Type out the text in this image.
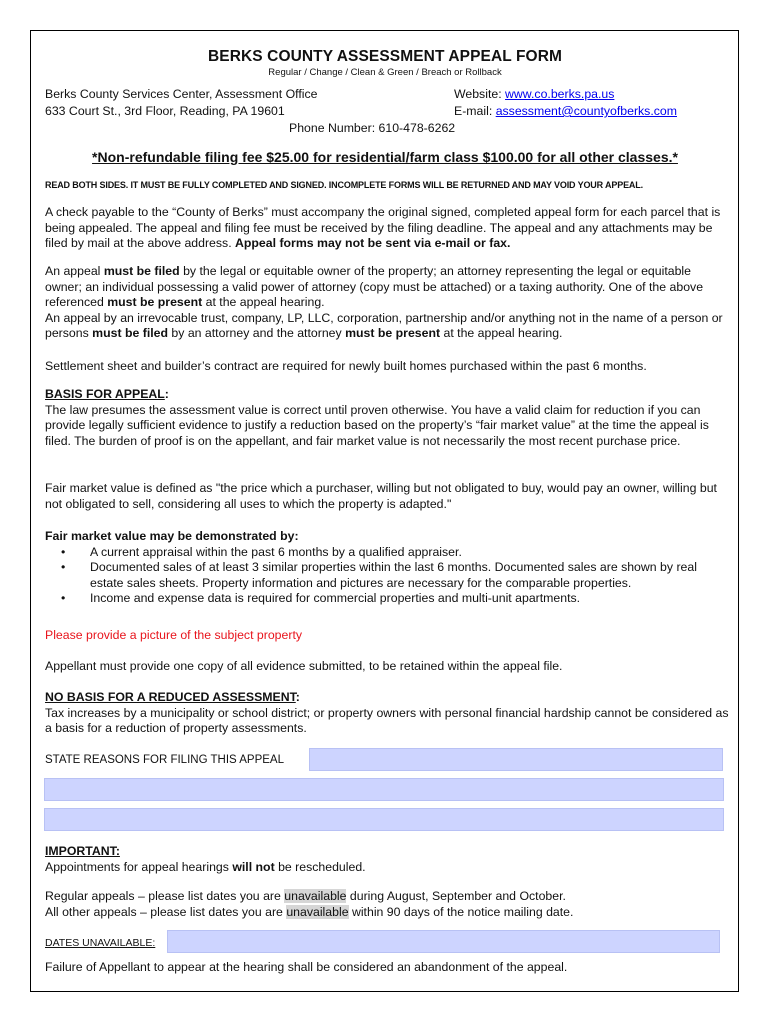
BERKS COUNTY ASSESSMENT APPEAL FORM
Regular / Change / Clean & Green / Breach or Rollback
Berks County Services Center, Assessment Office
633 Court St., 3rd Floor, Reading, PA 19601
Website: www.co.berks.pa.us
E-mail: assessment@countyofberks.com
Phone Number: 610-478-6262
*Non-refundable filing fee $25.00 for residential/farm class $100.00 for all other classes.*
READ BOTH SIDES. IT MUST BE FULLY COMPLETED AND SIGNED. INCOMPLETE FORMS WILL BE RETURNED AND MAY VOID YOUR APPEAL.
A check payable to the “County of Berks” must accompany the original signed, completed appeal form for each parcel that is being appealed. The appeal and filing fee must be received by the filing deadline. The appeal and any attachments may be filed by mail at the above address. Appeal forms may not be sent via e-mail or fax.
An appeal must be filed by the legal or equitable owner of the property; an attorney representing the legal or equitable owner; an individual possessing a valid power of attorney (copy must be attached) or a taxing authority. One of the above referenced must be present at the appeal hearing.
An appeal by an irrevocable trust, company, LP, LLC, corporation, partnership and/or anything not in the name of a person or persons must be filed by an attorney and the attorney must be present at the appeal hearing.
Settlement sheet and builder’s contract are required for newly built homes purchased within the past 6 months.
BASIS FOR APPEAL:
The law presumes the assessment value is correct until proven otherwise. You have a valid claim for reduction if you can provide legally sufficient evidence to justify a reduction based on the property’s “fair market value” at the time the appeal is filed. The burden of proof is on the appellant, and fair market value is not necessarily the most recent purchase price.
Fair market value is defined as "the price which a purchaser, willing but not obligated to buy, would pay an owner, willing but not obligated to sell, considering all uses to which the property is adapted."
Fair market value may be demonstrated by:
• A current appraisal within the past 6 months by a qualified appraiser.
• Documented sales of at least 3 similar properties within the last 6 months. Documented sales are shown by real estate sales sheets. Property information and pictures are necessary for the comparable properties.
• Income and expense data is required for commercial properties and multi-unit apartments.
Please provide a picture of the subject property
Appellant must provide one copy of all evidence submitted, to be retained within the appeal file.
NO BASIS FOR A REDUCED ASSESSMENT:
Tax increases by a municipality or school district; or property owners with personal financial hardship cannot be considered as a basis for a reduction of property assessments.
STATE REASONS FOR FILING THIS APPEAL
IMPORTANT:
Appointments for appeal hearings will not be rescheduled.
Regular appeals – please list dates you are unavailable during August, September and October.
All other appeals – please list dates you are unavailable within 90 days of the notice mailing date.
DATES UNAVAILABLE:
Failure of Appellant to appear at the hearing shall be considered an abandonment of the appeal.
